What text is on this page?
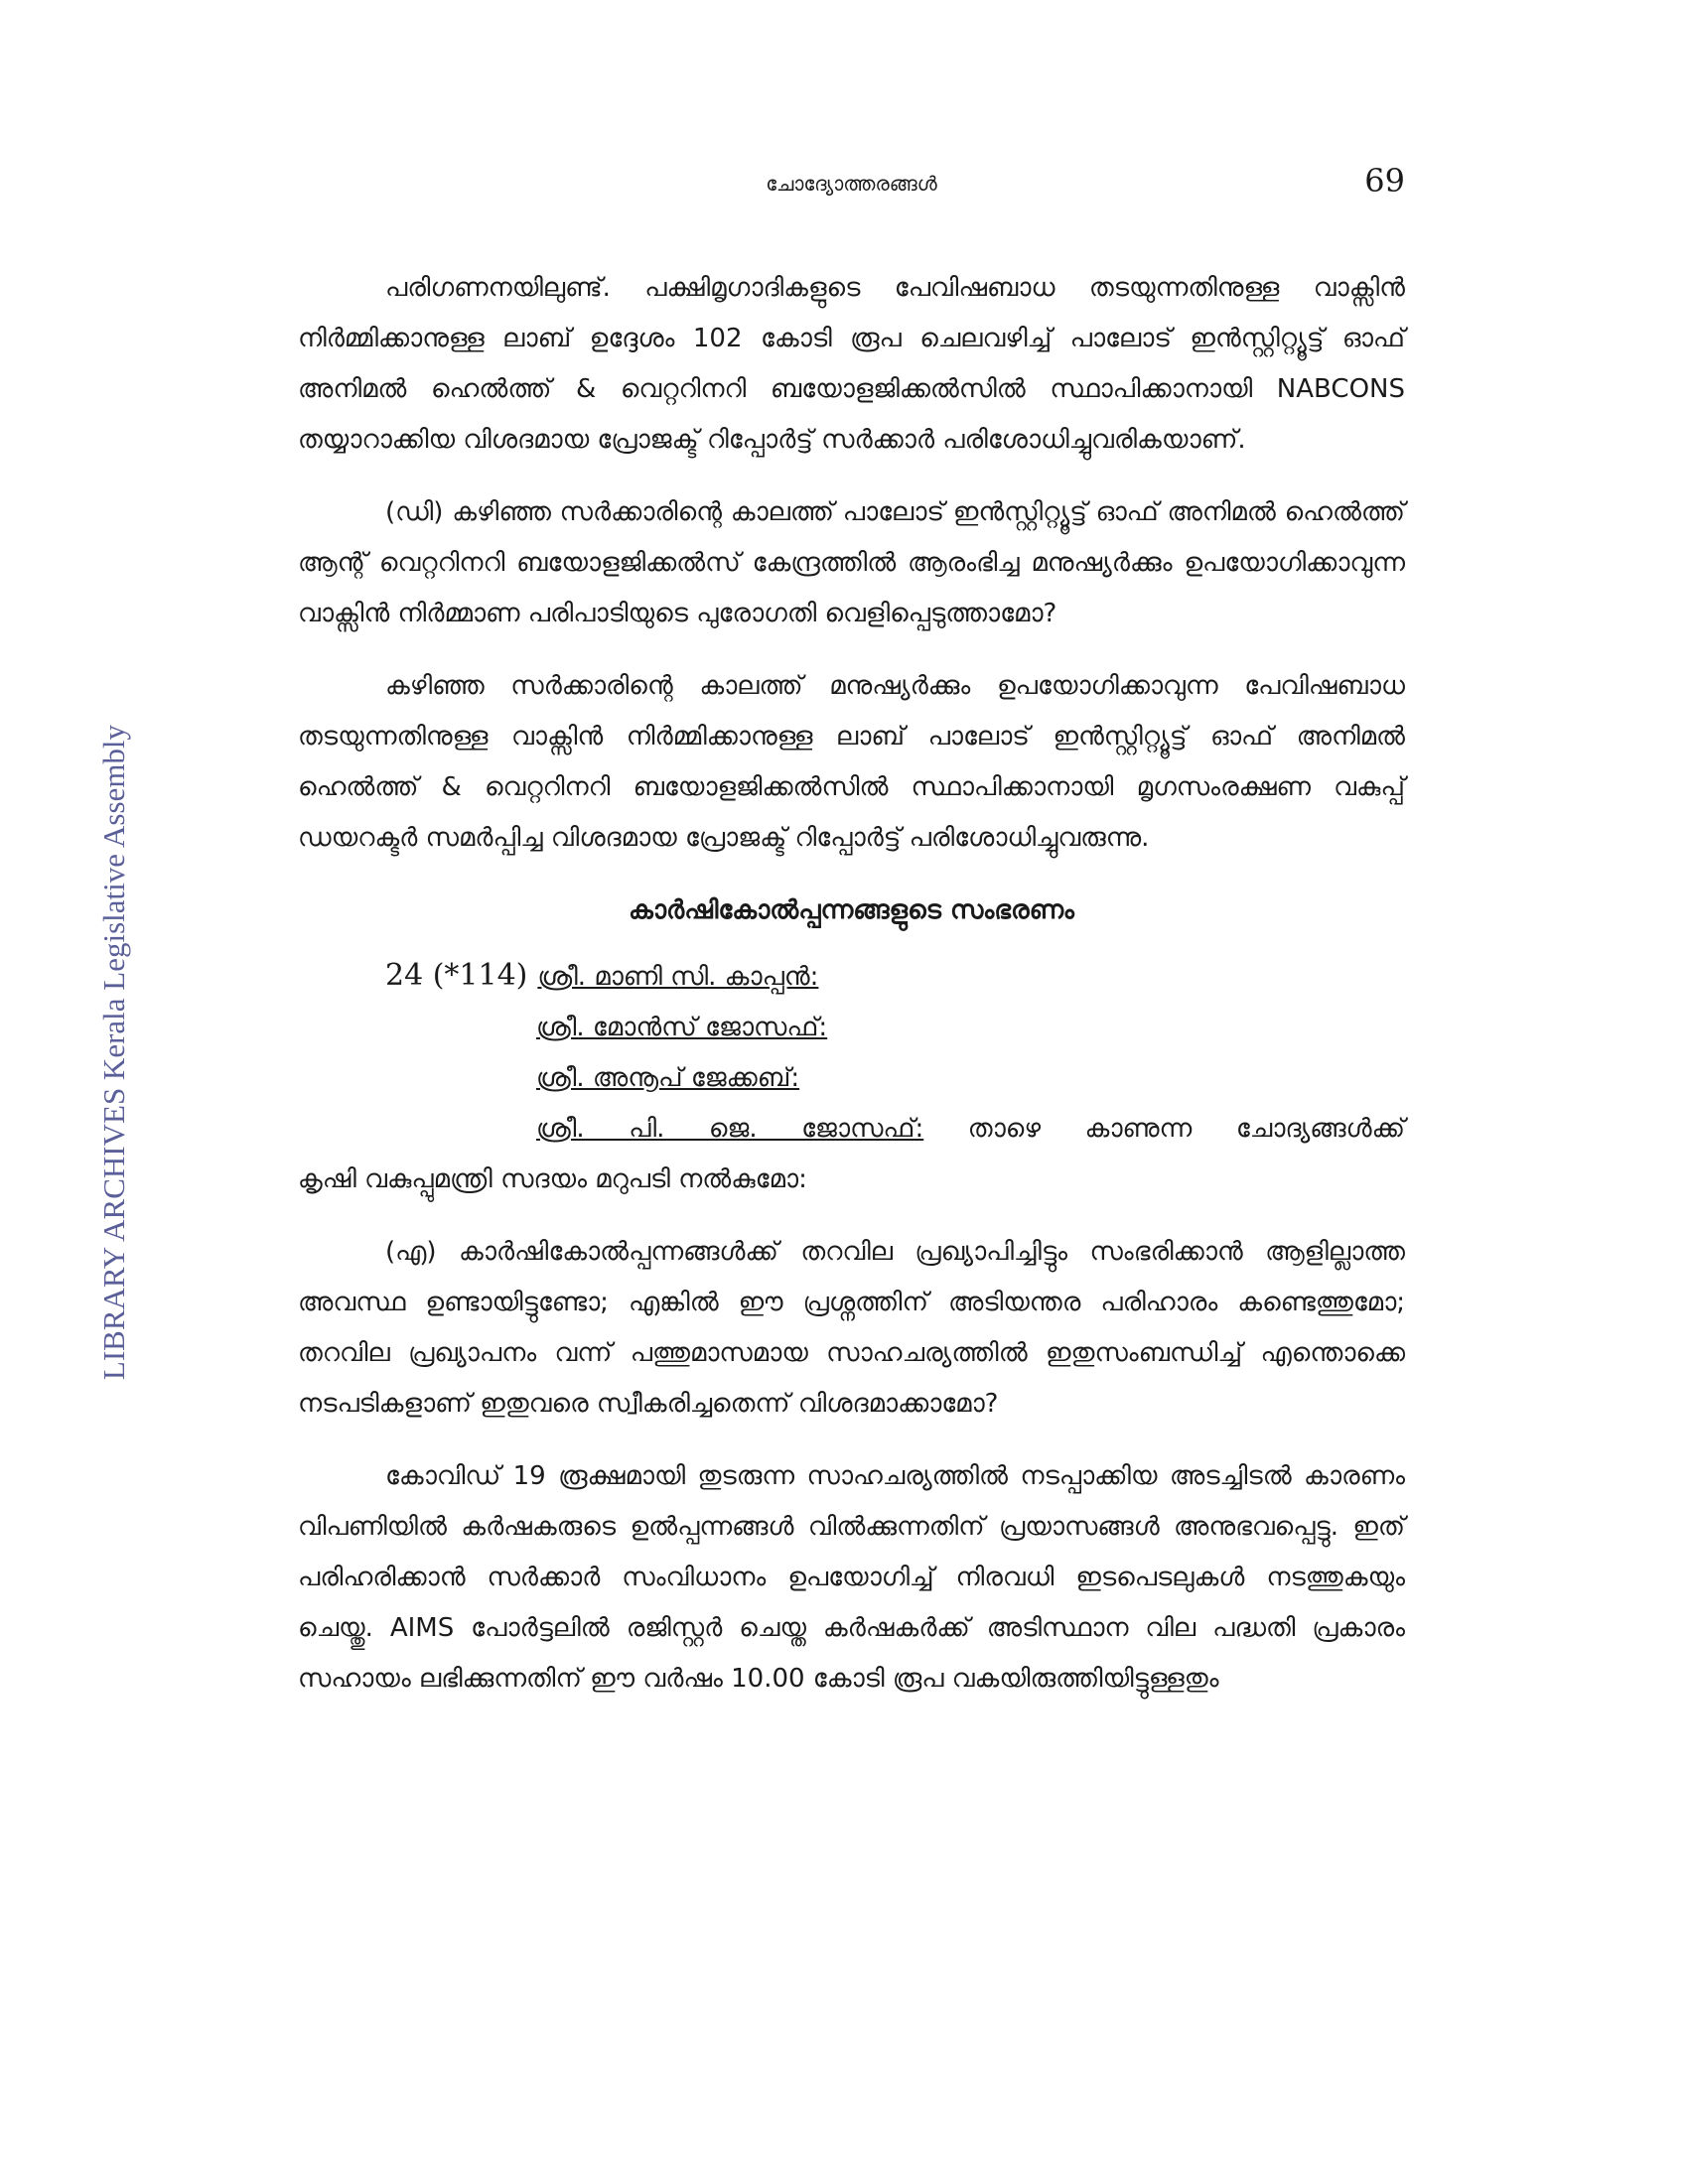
ചോദ്യോത്തരങ്ങൾ	69
LIBRARY ARCHIVES Kerala Legislative Assembly

പരിഗണനയിലുണ്ട്. പക്ഷിമൃഗാദികളുടെ പേവിഷബാധ തടയുന്നതിനുള്ള വാക്സിൻ നിർമ്മിക്കാനുള്ള ലാബ് ഉദ്ദേശം 102 കോടി രൂപ ചെലവഴിച്ച് പാലോട് ഇൻസ്റ്റിറ്റ്യൂട്ട് ഓഫ് അനിമൽ ഹെൽത്ത് & വെറ്ററിനറി ബയോളജിക്കൽസിൽ സ്ഥാപിക്കാനായി NABCONS തയ്യാറാക്കിയ വിശദമായ പ്രോജക്ട് റിപ്പോർട്ട് സർക്കാർ പരിശോധിച്ചുവരികയാണ്.

(ഡി) കഴിഞ്ഞ സർക്കാരിന്റെ കാലത്ത് പാലോട് ഇൻസ്റ്റിറ്റ്യൂട്ട് ഓഫ് അനിമൽ ഹെൽത്ത് ആന്റ് വെറ്ററിനറി ബയോളജിക്കൽസ് കേന്ദ്രത്തിൽ ആരംഭിച്ച മനുഷ്യർക്കും ഉപയോഗിക്കാവുന്ന വാക്സിൻ നിർമ്മാണ പരിപാടിയുടെ പുരോഗതി വെളിപ്പെടുത്താമോ?

കഴിഞ്ഞ സർക്കാരിന്റെ കാലത്ത് മനുഷ്യർക്കും ഉപയോഗിക്കാവുന്ന പേവിഷബാധ തടയുന്നതിനുള്ള വാക്സിൻ നിർമ്മിക്കാനുള്ള ലാബ് പാലോട് ഇൻസ്റ്റിറ്റ്യൂട്ട് ഓഫ് അനിമൽ ഹെൽത്ത് & വെറ്ററിനറി ബയോളജിക്കൽസിൽ സ്ഥാപിക്കാനായി മൃഗസംരക്ഷണ വകുപ്പ് ഡയറക്ടർ സമർപ്പിച്ച വിശദമായ പ്രോജക്ട് റിപ്പോർട്ട് പരിശോധിച്ചുവരുന്നു.

കാർഷികോൽപ്പന്നങ്ങളുടെ സംഭരണം
24 (*114) ശ്രീ. മാണി സി. കാപ്പൻ:
ശ്രീ. മോൻസ് ജോസഫ്:
ശ്രീ. അനൂപ് ജേക്കബ്:
ശ്രീ. പി. ജെ. ജോസഫ്: താഴെ കാണുന്ന ചോദ്യങ്ങൾക്ക്
കൃഷി വകുപ്പുമന്ത്രി സദയം മറുപടി നൽകുമോ:

(എ) കാർഷികോൽപ്പന്നങ്ങൾക്ക് തറവില പ്രഖ്യാപിച്ചിട്ടും സംഭരിക്കാൻ ആളില്ലാത്ത അവസ്ഥ ഉണ്ടായിട്ടുണ്ടോ; എങ്കിൽ ഈ പ്രശ്നത്തിന് അടിയന്തര പരിഹാരം കണ്ടെത്തുമോ; തറവില പ്രഖ്യാപനം വന്ന് പത്തുമാസമായ സാഹചര്യത്തിൽ ഇതുസംബന്ധിച്ച് എന്തൊക്കെ നടപടികളാണ് ഇതുവരെ സ്വീകരിച്ചതെന്ന് വിശദമാക്കാമോ?

കോവിഡ് 19 രൂക്ഷമായി തുടരുന്ന സാഹചര്യത്തിൽ നടപ്പാക്കിയ അടച്ചിടൽ കാരണം വിപണിയിൽ കർഷകരുടെ ഉൽപ്പന്നങ്ങൾ വിൽക്കുന്നതിന് പ്രയാസങ്ങൾ അനുഭവപ്പെട്ടു. ഇത് പരിഹരിക്കാൻ സർക്കാർ സംവിധാനം ഉപയോഗിച്ച് നിരവധി ഇടപെടലുകൾ നടത്തുകയും ചെയ്തു. AIMS പോർട്ടലിൽ രജിസ്റ്റർ ചെയ്ത കർഷകർക്ക് അടിസ്ഥാന വില പദ്ധതി പ്രകാരം സഹായം ലഭിക്കുന്നതിന് ഈ വർഷം 10.00 കോടി രൂപ വകയിരുത്തിയിട്ടുള്ളതും
